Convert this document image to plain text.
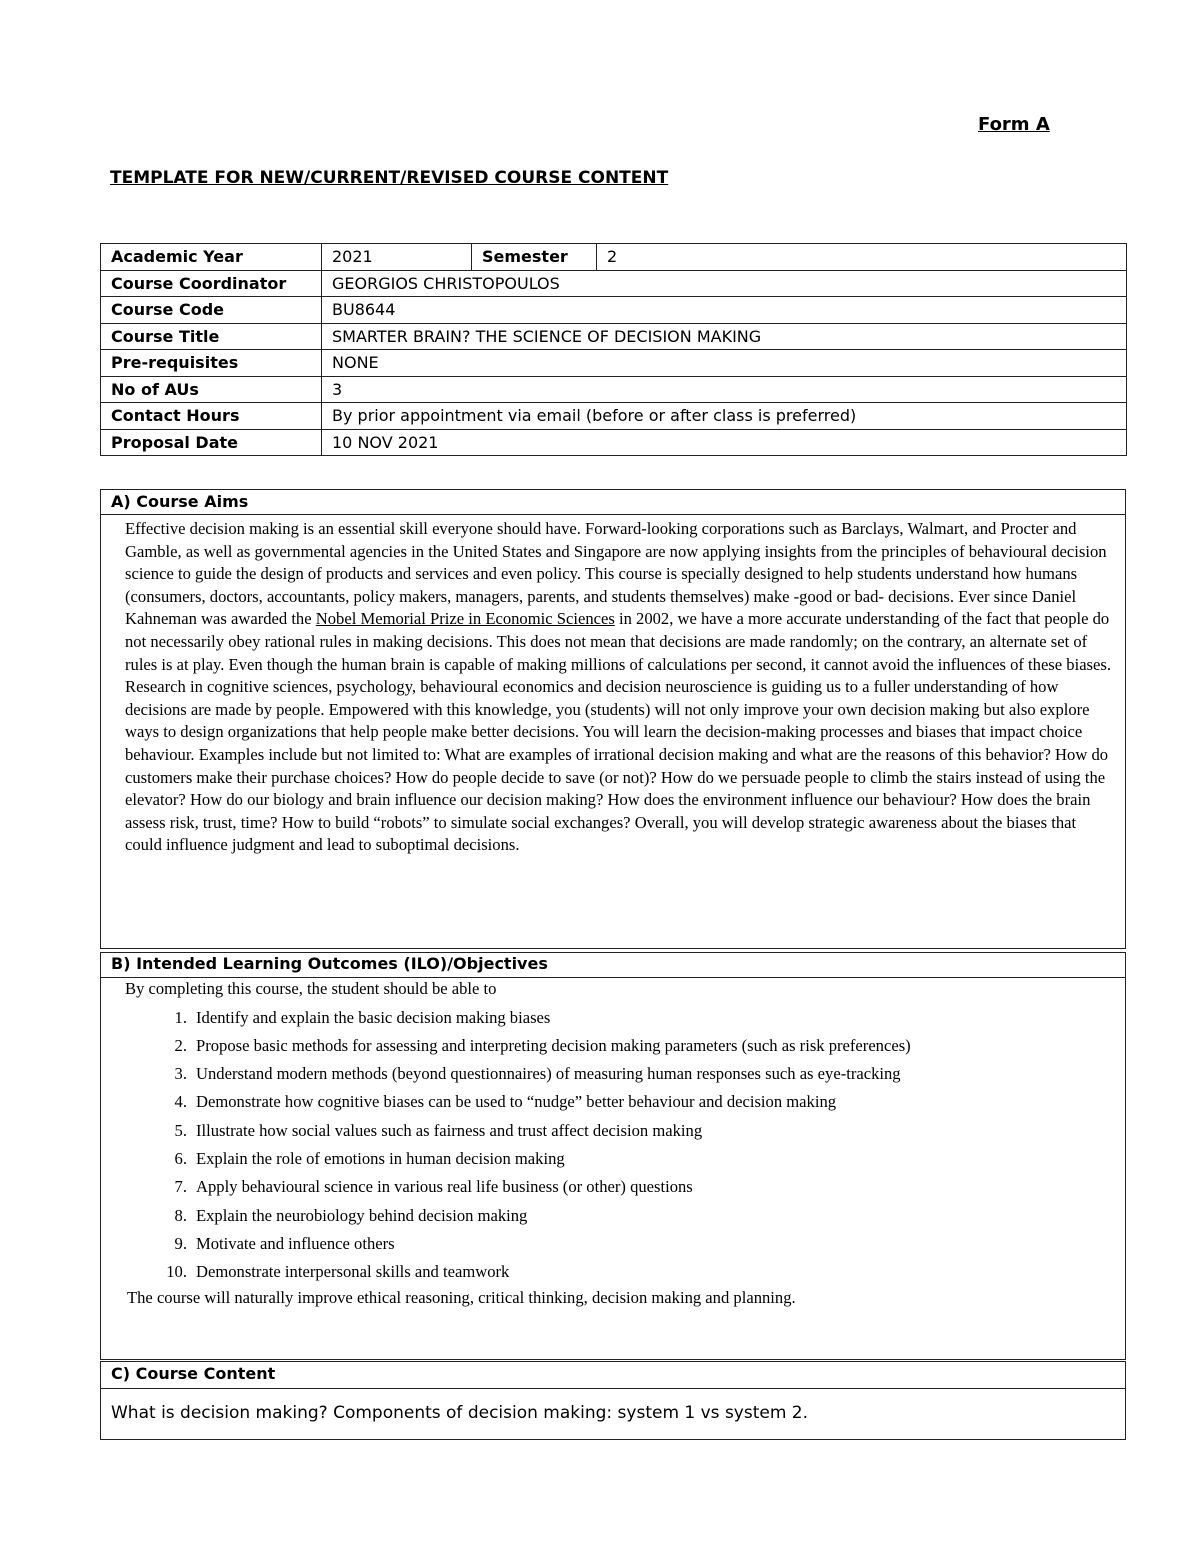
Form A
TEMPLATE FOR NEW/CURRENT/REVISED COURSE CONTENT
Academic Year	2021	Semester	2
Course Coordinator	GEORGIOS CHRISTOPOULOS		
Course Code	BU8644		
Course Title	SMARTER BRAIN? THE SCIENCE OF DECISION MAKING		
Pre-requisites	NONE		
No of AUs	3		
Contact Hours	By prior appointment via email (before or after class is preferred)		
Proposal Date	10 NOV 2021		
A) Course Aims
Effective decision making is an essential skill everyone should have. Forward-looking corporations such as Barclays, Walmart, and Procter and Gamble, as well as governmental agencies in the United States and Singapore are now applying insights from the principles of behavioural decision science to guide the design of products and services and even policy. This course is specially designed to help students understand how humans (consumers, doctors, accountants, policy makers, managers, parents, and students themselves) make -good or bad- decisions. Ever since Daniel Kahneman was awarded the Nobel Memorial Prize in Economic Sciences in 2002, we have a more accurate understanding of the fact that people do not necessarily obey rational rules in making decisions. This does not mean that decisions are made randomly; on the contrary, an alternate set of rules is at play. Even though the human brain is capable of making millions of calculations per second, it cannot avoid the influences of these biases. Research in cognitive sciences, psychology, behavioural economics and decision neuroscience is guiding us to a fuller understanding of how decisions are made by people. Empowered with this knowledge, you (students) will not only improve your own decision making but also explore ways to design organizations that help people make better decisions. You will learn the decision-making processes and biases that impact choice behaviour. Examples include but not limited to: What are examples of irrational decision making and what are the reasons of this behavior? How do customers make their purchase choices? How do people decide to save (or not)? How do we persuade people to climb the stairs instead of using the elevator? How do our biology and brain influence our decision making? How does the environment influence our behaviour? How does the brain assess risk, trust, time? How to build “robots” to simulate social exchanges? Overall, you will develop strategic awareness about the biases that could influence judgment and lead to suboptimal decisions.
B) Intended Learning Outcomes (ILO)/Objectives
By completing this course, the student should be able to
1. Identify and explain the basic decision making biases
2. Propose basic methods for assessing and interpreting decision making parameters (such as risk preferences)
3. Understand modern methods (beyond questionnaires) of measuring human responses such as eye-tracking
4. Demonstrate how cognitive biases can be used to “nudge” better behaviour and decision making
5. Illustrate how social values such as fairness and trust affect decision making
6. Explain the role of emotions in human decision making
7. Apply behavioural science in various real life business (or other) questions
8. Explain the neurobiology behind decision making
9. Motivate and influence others
10. Demonstrate interpersonal skills and teamwork
The course will naturally improve ethical reasoning, critical thinking, decision making and planning.
C) Course Content
What is decision making? Components of decision making: system 1 vs system 2.
